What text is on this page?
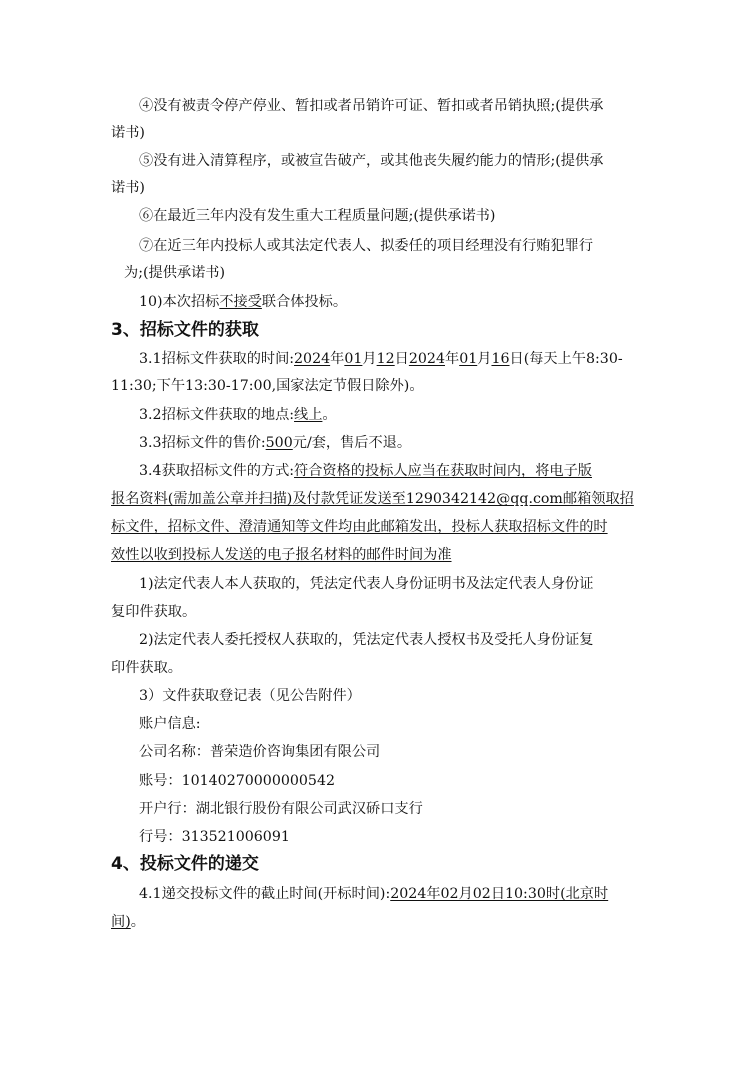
④没有被责令停产停业、暂扣或者吊销许可证、暂扣或者吊销执照;(提供承
诺书)
⑤没有进入清算程序，或被宣告破产，或其他丧失履约能力的情形;(提供承
诺书)
⑥在最近三年内没有发生重大工程质量问题;(提供承诺书)
⑦在近三年内投标人或其法定代表人、拟委任的项目经理没有行贿犯罪行
为;(提供承诺书)
10)本次招标不接受联合体投标。
3、招标文件的获取
3.1招标文件获取的时间:2024年01月12日2024年01月16日(每天上午8:30-
11:30;下午13:30-17:00,国家法定节假日除外)。
3.2招标文件获取的地点:线上。
3.3招标文件的售价:500元/套，售后不退。
3.4获取招标文件的方式:符合资格的投标人应当在获取时间内，将电子版
报名资料(需加盖公章并扫描)及付款凭证发送至1290342142@qq.com邮箱领取招
标文件，招标文件、澄清通知等文件均由此邮箱发出，投标人获取招标文件的时
效性以收到投标人发送的电子报名材料的邮件时间为准
1)法定代表人本人获取的，凭法定代表人身份证明书及法定代表人身份证
复印件获取。
2)法定代表人委托授权人获取的，凭法定代表人授权书及受托人身份证复
印件获取。
3）文件获取登记表（见公告附件）
账户信息:
公司名称：普荣造价咨询集团有限公司
账号：10140270000000542
开户行：湖北银行股份有限公司武汉硚口支行
行号：313521006091
4、投标文件的递交
4.1递交投标文件的截止时间(开标时间):2024年02月02日10:30时(北京时
间)。
